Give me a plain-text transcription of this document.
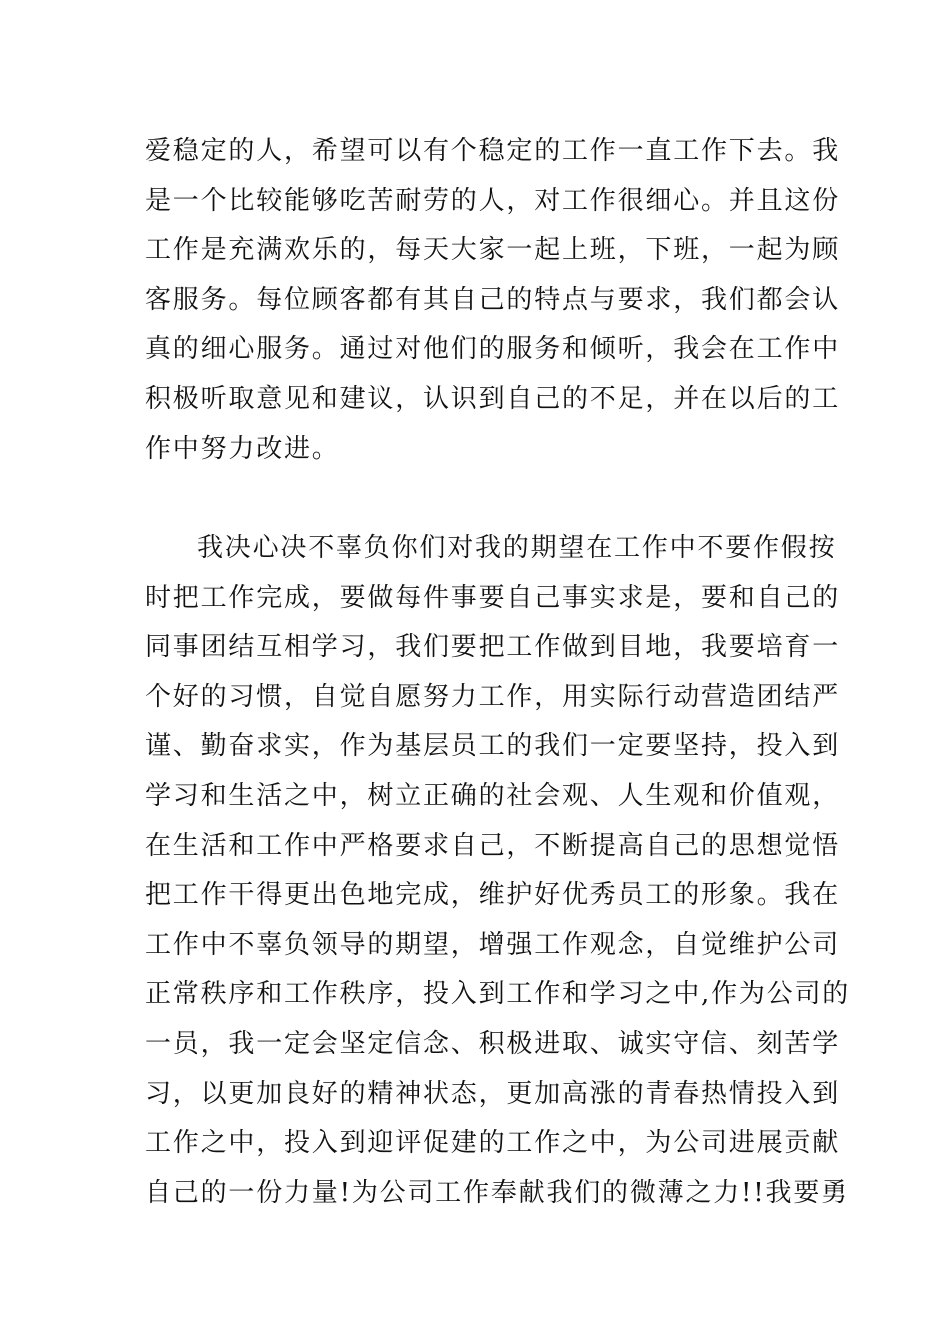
爱稳定的人，希望可以有个稳定的工作一直工作下去。我
是一个比较能够吃苦耐劳的人，对工作很细心。并且这份
工作是充满欢乐的，每天大家一起上班，下班，一起为顾
客服务。每位顾客都有其自己的特点与要求，我们都会认
真的细心服务。通过对他们的服务和倾听，我会在工作中
积极听取意见和建议，认识到自己的不足，并在以后的工
作中努力改进。
我决心决不辜负你们对我的期望在工作中不要作假按
时把工作完成，要做每件事要自己事实求是，要和自己的
同事团结互相学习，我们要把工作做到目地，我要培育一
个好的习惯，自觉自愿努力工作，用实际行动营造团结严
谨、勤奋求实，作为基层员工的我们一定要坚持，投入到
学习和生活之中，树立正确的社会观、人生观和价值观，
在生活和工作中严格要求自己，不断提高自己的思想觉悟
把工作干得更出色地完成，维护好优秀员工的形象。我在
工作中不辜负领导的期望，增强工作观念，自觉维护公司
正常秩序和工作秩序，投入到工作和学习之中,作为公司的
一员，我一定会坚定信念、积极进取、诚实守信、刻苦学
习，以更加良好的精神状态，更加高涨的青春热情投入到
工作之中，投入到迎评促建的工作之中，为公司进展贡献
自己的一份力量!为公司工作奉献我们的微薄之力!!我要勇
